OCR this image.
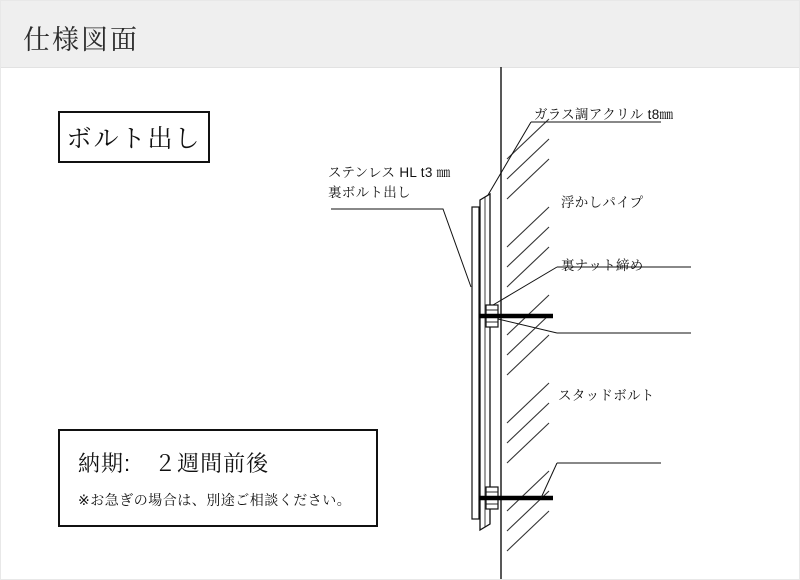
仕様図面
ボルト出し
納期:　２週間前後
※お急ぎの場合は、別途ご相談ください。
ガラス調アクリル t8㎜
ステンレス HL t3 ㎜
裏ボルト出し
浮かしパイプ
裏ナット締め
スタッドボルト
